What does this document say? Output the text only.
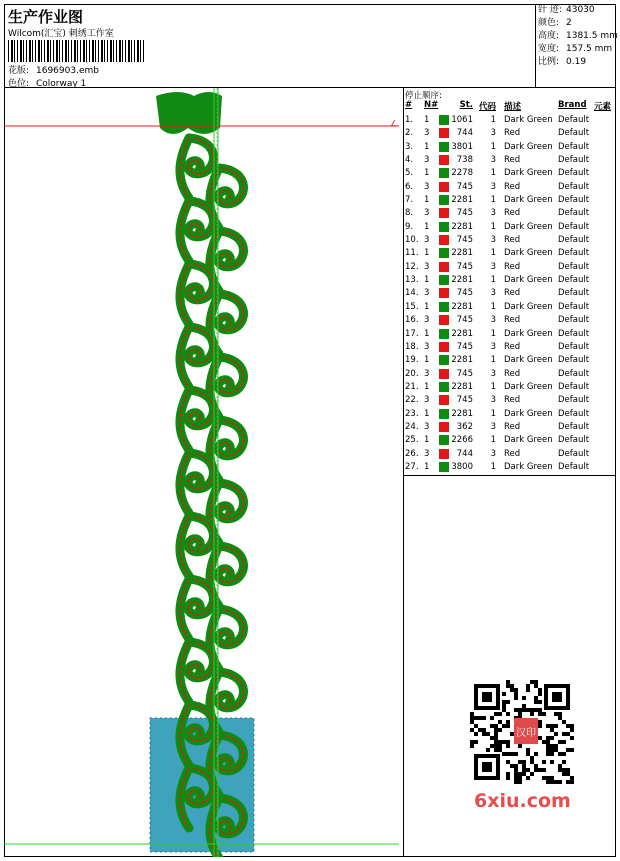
生产作业图
Wilcom(汇宝) 刺绣工作室
花版: 1696903.emb
色位: Colorway 1
针 迹: 43030
颜色: 2
高度: 1381.5 mm
宽度: 157.5 mm
比例: 0.19
∠
停止顺序:
# N#	St. 代码 描述	Brand 元素
1. 1	1061	1 Dark Green Default
2. 3	744	3 Red	Default
3. 1	3801	1 Dark Green Default
4. 3	738	3 Red	Default
5. 1	2278	1 Dark Green Default
6. 3	745	3 Red	Default
7. 1	2281	1 Dark Green Default
8. 3	745	3 Red	Default
9. 1	2281	1 Dark Green Default
10. 3	745	3 Red	Default
11. 1	2281	1 Dark Green Default
12. 3	745	3 Red	Default
13. 1	2281	1 Dark Green Default
14. 3	745	3 Red	Default
15. 1	2281	1 Dark Green Default
16. 3	745	3 Red	Default
17. 1	2281	1 Dark Green Default
18. 3	745	3 Red	Default
19. 1	2281	1 Dark Green Default
20. 3	745	3 Red	Default
21. 1	2281	1 Dark Green Default
22. 3	745	3 Red	Default
23. 1	2281	1 Dark Green Default
24. 3	362	3 Red	Default
25. 1	2266	1 Dark Green Default
26. 3	744	3 Red	Default
27. 1	3800	1 Dark Green Default
汉印
6xiu.com
